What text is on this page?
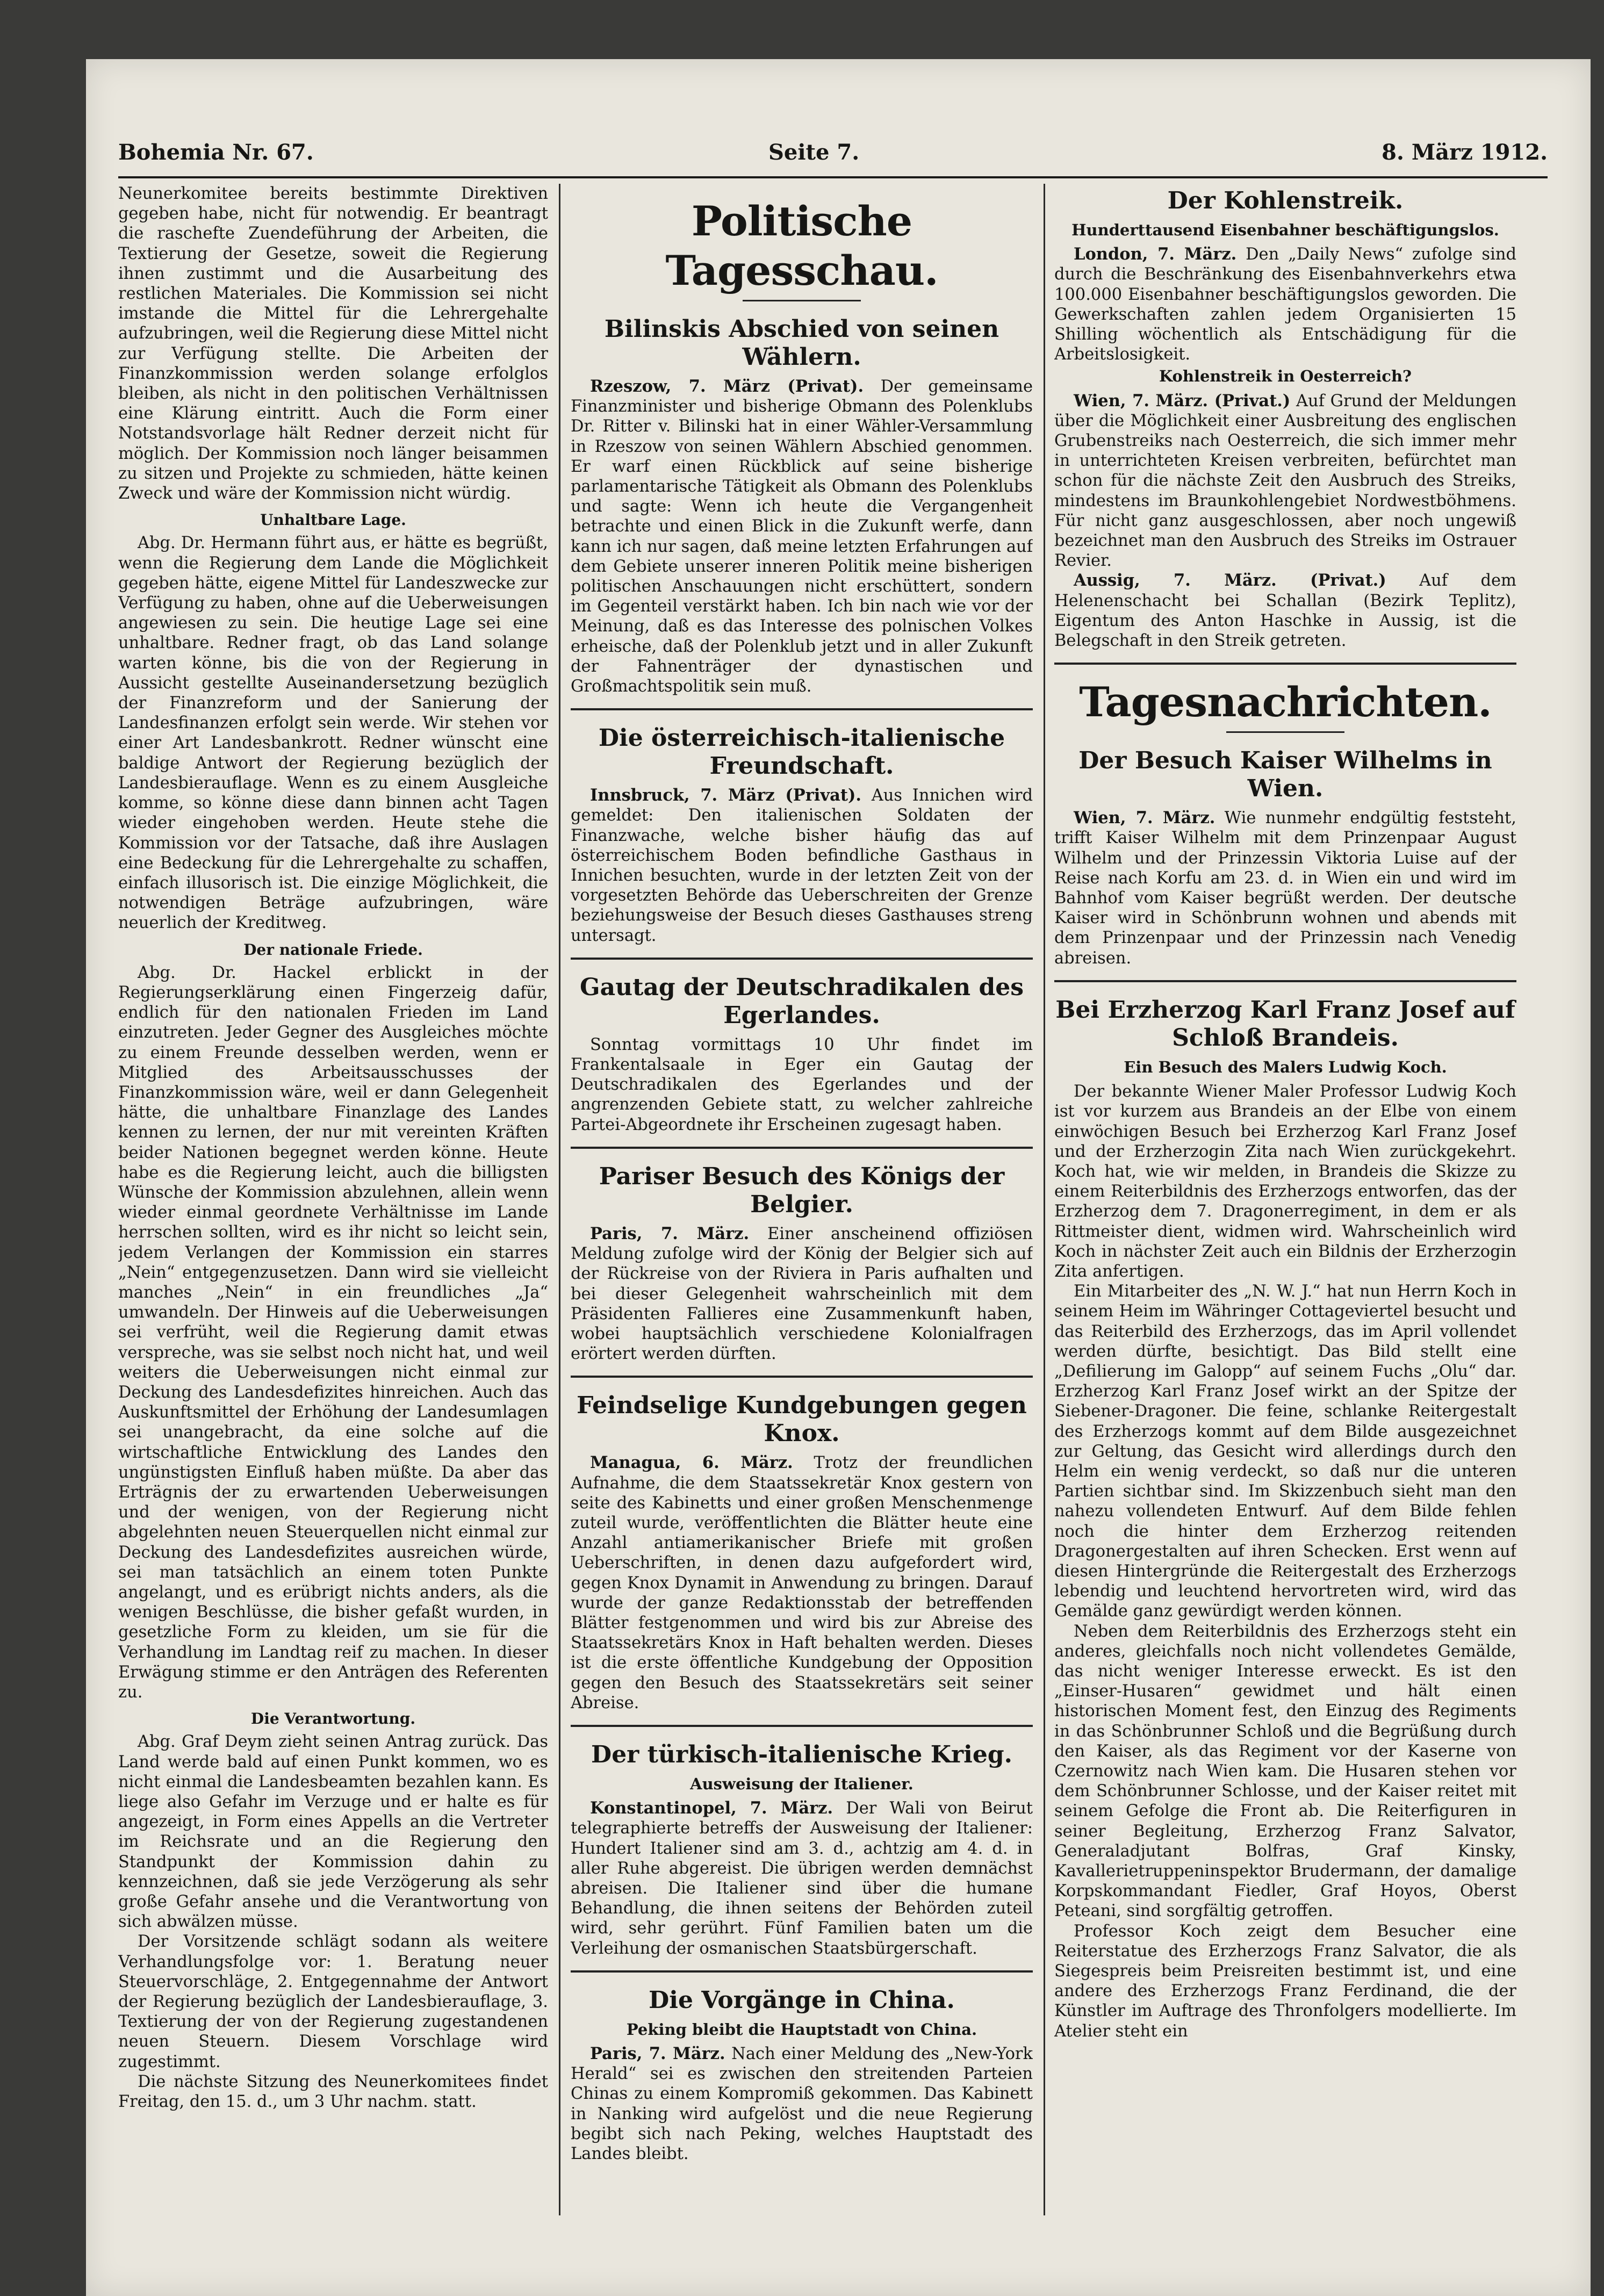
Bohemia Nr. 67.	Seite 7.	8. März 1912.

Neunerkomitee bereits bestimmte Direktiven gegeben habe, nicht für notwendig. Er beantragt die raschefte Zuendeführung der Arbeiten, die Textierung der Gesetze, soweit die Regierung ihnen zustimmt und die Ausarbeitung des restlichen Materiales. Die Kommission sei nicht imstande die Mittel für die Lehrergehalte aufzubringen, weil die Regierung diese Mittel nicht zur Verfügung stellte. Die Arbeiten der Finanzkommission werden solange erfolglos bleiben, als nicht in den politischen Verhältnissen eine Klärung eintritt. Auch die Form einer Notstandsvorlage hält Redner derzeit nicht für möglich. Der Kommission noch länger beisammen zu sitzen und Projekte zu schmieden, hätte keinen Zweck und wäre der Kommission nicht würdig.

Unhaltbare Lage.

Abg. Dr. Hermann führt aus, er hätte es begrüßt, wenn die Regierung dem Lande die Möglichkeit gegeben hätte, eigene Mittel für Landeszwecke zur Verfügung zu haben, ohne auf die Ueberweisungen angewiesen zu sein. Die heutige Lage sei eine unhaltbare. Redner fragt, ob das Land solange warten könne, bis die von der Regierung in Aussicht gestellte Auseinandersetzung bezüglich der Finanzreform und der Sanierung der Landesfinanzen erfolgt sein werde. Wir stehen vor einer Art Landesbankrott. Redner wünscht eine baldige Antwort der Regierung bezüglich der Landesbierauflage. Wenn es zu einem Ausgleiche komme, so könne diese dann binnen acht Tagen wieder eingehoben werden. Heute stehe die Kommission vor der Tatsache, daß ihre Auslagen eine Bedeckung für die Lehrergehalte zu schaffen, einfach illusorisch ist. Die einzige Möglichkeit, die notwendigen Beträge aufzubringen, wäre neuerlich der Kreditweg.

Der nationale Friede.

Abg. Dr. Hackel erblickt in der Regierungserklärung einen Fingerzeig dafür, endlich für den nationalen Frieden im Land einzutreten. Jeder Gegner des Ausgleiches möchte zu einem Freunde desselben werden, wenn er Mitglied des Arbeitsausschusses der Finanzkommission wäre, weil er dann Gelegenheit hätte, die unhaltbare Finanzlage des Landes kennen zu lernen, der nur mit vereinten Kräften beider Nationen begegnet werden könne. Heute habe es die Regierung leicht, auch die billigsten Wünsche der Kommission abzulehnen, allein wenn wieder einmal geordnete Verhältnisse im Lande herrschen sollten, wird es ihr nicht so leicht sein, jedem Verlangen der Kommission ein starres „Nein“ entgegenzusetzen. Dann wird sie vielleicht manches „Nein“ in ein freundliches „Ja“ umwandeln. Der Hinweis auf die Ueberweisungen sei verfrüht, weil die Regierung damit etwas verspreche, was sie selbst noch nicht hat, und weil weiters die Ueberweisungen nicht einmal zur Deckung des Landesdefizites hinreichen. Auch das Auskunftsmittel der Erhöhung der Landesumlagen sei unangebracht, da eine solche auf die wirtschaftliche Entwicklung des Landes den ungünstigsten Einfluß haben müßte. Da aber das Erträgnis der zu erwartenden Ueberweisungen und der wenigen, von der Regierung nicht abgelehnten neuen Steuerquellen nicht einmal zur Deckung des Landesdefizites ausreichen würde, sei man tatsächlich an einem toten Punkte angelangt, und es erübrigt nichts anders, als die wenigen Beschlüsse, die bisher gefaßt wurden, in gesetzliche Form zu kleiden, um sie für die Verhandlung im Landtag reif zu machen. In dieser Erwägung stimme er den Anträgen des Referenten zu.

Die Verantwortung.

Abg. Graf Deym zieht seinen Antrag zurück. Das Land werde bald auf einen Punkt kommen, wo es nicht einmal die Landesbeamten bezahlen kann. Es liege also Gefahr im Verzuge und er halte es für angezeigt, in Form eines Appells an die Vertreter im Reichsrate und an die Regierung den Standpunkt der Kommission dahin zu kennzeichnen, daß sie jede Verzögerung als sehr große Gefahr ansehe und die Verantwortung von sich abwälzen müsse.

Der Vorsitzende schlägt sodann als weitere Verhandlungsfolge vor: 1. Beratung neuer Steuervorschläge, 2. Entgegennahme der Antwort der Regierung bezüglich der Landesbierauflage, 3. Textierung der von der Regierung zugestandenen neuen Steuern. Diesem Vorschlage wird zugestimmt.

Die nächste Sitzung des Neunerkomitees findet Freitag, den 15. d., um 3 Uhr nachm. statt.

Politische Tagesschau.
Bilinskis Abschied von seinen Wählern.

Rzeszow, 7. März (Privat). Der gemeinsame Finanzminister und bisherige Obmann des Polenklubs Dr. Ritter v. Bilinski hat in einer Wähler-Versammlung in Rzeszow von seinen Wählern Abschied genommen. Er warf einen Rückblick auf seine bisherige parlamentarische Tätigkeit als Obmann des Polenklubs und sagte: Wenn ich heute die Vergangenheit betrachte und einen Blick in die Zukunft werfe, dann kann ich nur sagen, daß meine letzten Erfahrungen auf dem Gebiete unserer inneren Politik meine bisherigen politischen Anschauungen nicht erschüttert, sondern im Gegenteil verstärkt haben. Ich bin nach wie vor der Meinung, daß es das Interesse des polnischen Volkes erheische, daß der Polenklub jetzt und in aller Zukunft der Fahnenträger der dynastischen und Großmachtspolitik sein muß.

Die österreichisch-italienische Freundschaft.

Innsbruck, 7. März (Privat). Aus Innichen wird gemeldet: Den italienischen Soldaten der Finanzwache, welche bisher häufig das auf österreichischem Boden befindliche Gasthaus in Innichen besuchten, wurde in der letzten Zeit von der vorgesetzten Behörde das Ueberschreiten der Grenze beziehungsweise der Besuch dieses Gasthauses streng untersagt.

Gautag der Deutschradikalen des Egerlandes.

Sonntag vormittags 10 Uhr findet im Frankentalsaale in Eger ein Gautag der Deutschradikalen des Egerlandes und der angrenzenden Gebiete statt, zu welcher zahlreiche Partei-Abgeordnete ihr Erscheinen zugesagt haben.

Pariser Besuch des Königs der Belgier.

Paris, 7. März. Einer anscheinend offiziösen Meldung zufolge wird der König der Belgier sich auf der Rückreise von der Riviera in Paris aufhalten und bei dieser Gelegenheit wahrscheinlich mit dem Präsidenten Fallieres eine Zusammenkunft haben, wobei hauptsächlich verschiedene Kolonialfragen erörtert werden dürften.

Feindselige Kundgebungen gegen Knox.

Managua, 6. März. Trotz der freundlichen Aufnahme, die dem Staatssekretär Knox gestern von seite des Kabinetts und einer großen Menschenmenge zuteil wurde, veröffentlichten die Blätter heute eine Anzahl antiamerikanischer Briefe mit großen Ueberschriften, in denen dazu aufgefordert wird, gegen Knox Dynamit in Anwendung zu bringen. Darauf wurde der ganze Redaktionsstab der betreffenden Blätter festgenommen und wird bis zur Abreise des Staatssekretärs Knox in Haft behalten werden. Dieses ist die erste öffentliche Kundgebung der Opposition gegen den Besuch des Staatssekretärs seit seiner Abreise.

Der türkisch-italienische Krieg.
Ausweisung der Italiener.

Konstantinopel, 7. März. Der Wali von Beirut telegraphierte betreffs der Ausweisung der Italiener: Hundert Italiener sind am 3. d., achtzig am 4. d. in aller Ruhe abgereist. Die übrigen werden demnächst abreisen. Die Italiener sind über die humane Behandlung, die ihnen seitens der Behörden zuteil wird, sehr gerührt. Fünf Familien baten um die Verleihung der osmanischen Staatsbürgerschaft.

Die Vorgänge in China.
Peking bleibt die Hauptstadt von China.

Paris, 7. März. Nach einer Meldung des „New-York Herald“ sei es zwischen den streitenden Parteien Chinas zu einem Kompromiß gekommen. Das Kabinett in Nanking wird aufgelöst und die neue Regierung begibt sich nach Peking, welches Hauptstadt des Landes bleibt.

Der Kohlenstreik.
Hunderttausend Eisenbahner beschäftigungslos.

London, 7. März. Den „Daily News“ zufolge sind durch die Beschränkung des Eisenbahnverkehrs etwa 100.000 Eisenbahner beschäftigungslos geworden. Die Gewerkschaften zahlen jedem Organisierten 15 Shilling wöchentlich als Entschädigung für die Arbeitslosigkeit.

Kohlenstreik in Oesterreich?

Wien, 7. März. (Privat.) Auf Grund der Meldungen über die Möglichkeit einer Ausbreitung des englischen Grubenstreiks nach Oesterreich, die sich immer mehr in unterrichteten Kreisen verbreiten, befürchtet man schon für die nächste Zeit den Ausbruch des Streiks, mindestens im Braunkohlengebiet Nordwestböhmens. Für nicht ganz ausgeschlossen, aber noch ungewiß bezeichnet man den Ausbruch des Streiks im Ostrauer Revier.

Aussig, 7. März. (Privat.) Auf dem Helenenschacht bei Schallan (Bezirk Teplitz), Eigentum des Anton Haschke in Aussig, ist die Belegschaft in den Streik getreten.

Tagesnachrichten.
Der Besuch Kaiser Wilhelms in Wien.

Wien, 7. März. Wie nunmehr endgültig feststeht, trifft Kaiser Wilhelm mit dem Prinzenpaar August Wilhelm und der Prinzessin Viktoria Luise auf der Reise nach Korfu am 23. d. in Wien ein und wird im Bahnhof vom Kaiser begrüßt werden. Der deutsche Kaiser wird in Schönbrunn wohnen und abends mit dem Prinzenpaar und der Prinzessin nach Venedig abreisen.

Bei Erzherzog Karl Franz Josef auf Schloß Brandeis.
Ein Besuch des Malers Ludwig Koch.

Der bekannte Wiener Maler Professor Ludwig Koch ist vor kurzem aus Brandeis an der Elbe von einem einwöchigen Besuch bei Erzherzog Karl Franz Josef und der Erzherzogin Zita nach Wien zurückgekehrt. Koch hat, wie wir melden, in Brandeis die Skizze zu einem Reiterbildnis des Erzherzogs entworfen, das der Erzherzog dem 7. Dragonerregiment, in dem er als Rittmeister dient, widmen wird. Wahrscheinlich wird Koch in nächster Zeit auch ein Bildnis der Erzherzogin Zita anfertigen.

Ein Mitarbeiter des „N. W. J.“ hat nun Herrn Koch in seinem Heim im Währinger Cottageviertel besucht und das Reiterbild des Erzherzogs, das im April vollendet werden dürfte, besichtigt. Das Bild stellt eine „Defilierung im Galopp“ auf seinem Fuchs „Olu“ dar. Erzherzog Karl Franz Josef wirkt an der Spitze der Siebener-Dragoner. Die feine, schlanke Reitergestalt des Erzherzogs kommt auf dem Bilde ausgezeichnet zur Geltung, das Gesicht wird allerdings durch den Helm ein wenig verdeckt, so daß nur die unteren Partien sichtbar sind. Im Skizzenbuch sieht man den nahezu vollendeten Entwurf. Auf dem Bilde fehlen noch die hinter dem Erzherzog reitenden Dragonergestalten auf ihren Schecken. Erst wenn auf diesen Hintergründe die Reitergestalt des Erzherzogs lebendig und leuchtend hervortreten wird, wird das Gemälde ganz gewürdigt werden können.

Neben dem Reiterbildnis des Erzherzogs steht ein anderes, gleichfalls noch nicht vollendetes Gemälde, das nicht weniger Interesse erweckt. Es ist den „Einser-Husaren“ gewidmet und hält einen historischen Moment fest, den Einzug des Regiments in das Schönbrunner Schloß und die Begrüßung durch den Kaiser, als das Regiment vor der Kaserne von Czernowitz nach Wien kam. Die Husaren stehen vor dem Schönbrunner Schlosse, und der Kaiser reitet mit seinem Gefolge die Front ab. Die Reiterfiguren in seiner Begleitung, Erzherzog Franz Salvator, Generaladjutant Bolfras, Graf Kinsky, Kavallerietruppeninspektor Brudermann, der damalige Korpskommandant Fiedler, Graf Hoyos, Oberst Peteani, sind sorgfältig getroffen.

Professor Koch zeigt dem Besucher eine Reiterstatue des Erzherzogs Franz Salvator, die als Siegespreis beim Preisreiten bestimmt ist, und eine andere des Erzherzogs Franz Ferdinand, die der Künstler im Auftrage des Thronfolgers modellierte. Im Atelier steht ein
